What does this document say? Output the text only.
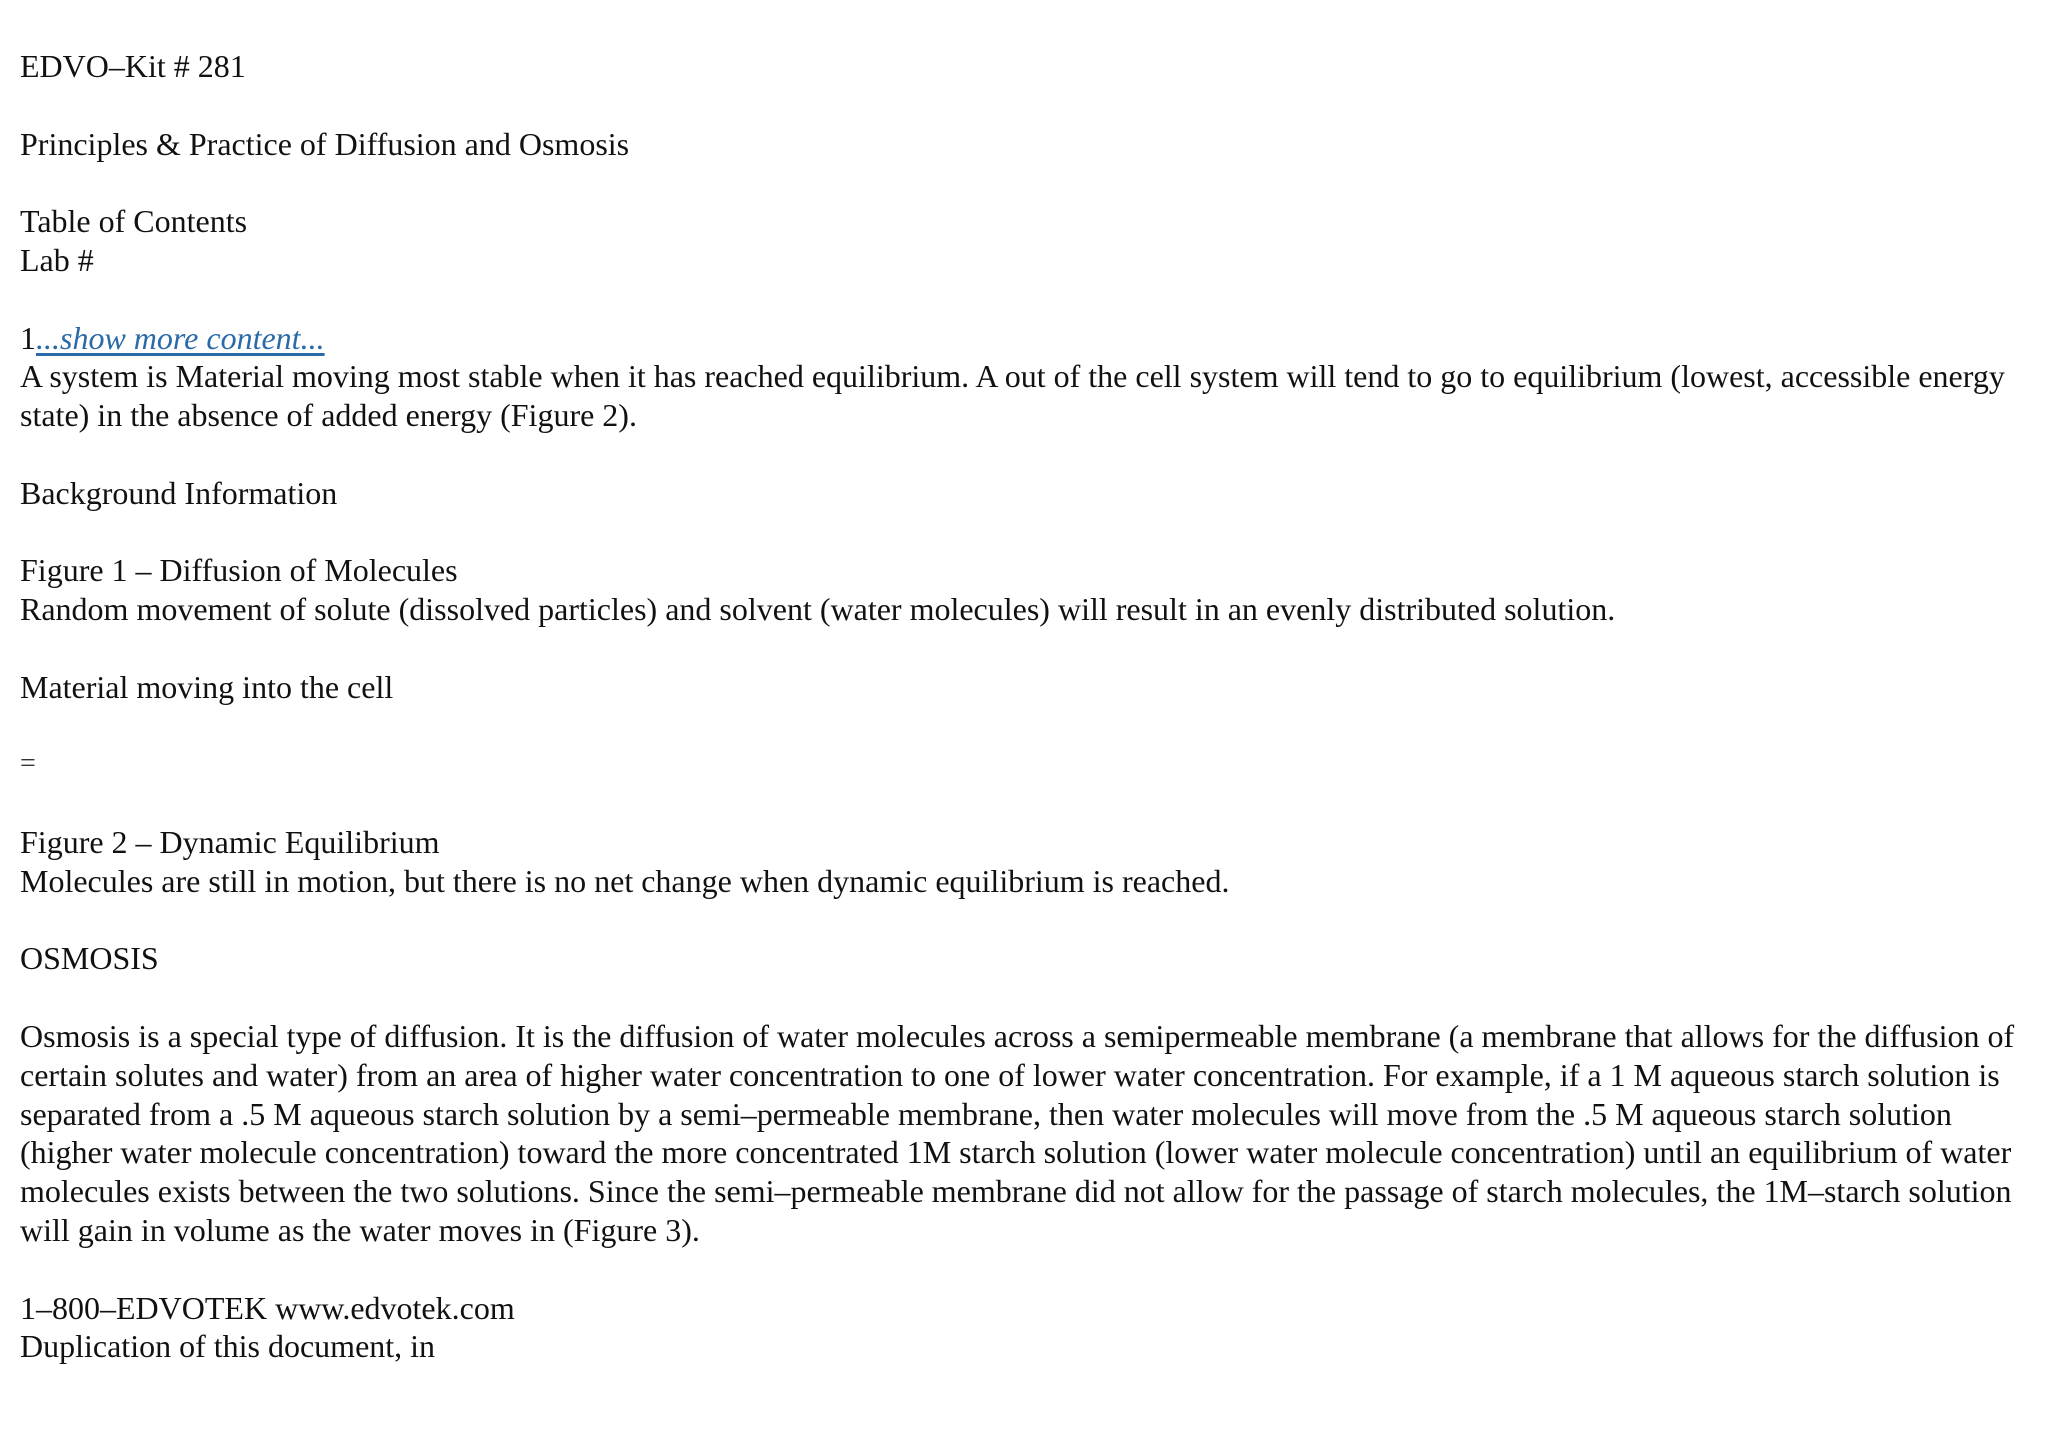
EDVO–Kit # 281
Principles & Practice of Diffusion and Osmosis
Table of Contents
Lab #
1...show more content...

A system is Material moving most stable when it has reached equilibrium. A out of the cell system will tend to go to equilibrium (lowest, accessible energy state) in the absence of added energy (Figure 2).

Background Information
Figure 1 – Diffusion of Molecules

Random movement of solute (dissolved particles) and solvent (water molecules) will result in an evenly distributed solution.

Material moving into the cell
=
Figure 2 – Dynamic Equilibrium

Molecules are still in motion, but there is no net change when dynamic equilibrium is reached.

OSMOSIS

Osmosis is a special type of diffusion. It is the diffusion of water molecules across a semipermeable membrane (a membrane that allows for the diffusion of certain solutes and water) from an area of higher water concentration to one of lower water concentration. For example, if a 1 M aqueous starch solution is separated from a .5 M aqueous starch solution by a semi–permeable membrane, then water molecules will move from the .5 M aqueous starch solution (higher water molecule concentration) toward the more concentrated 1M starch solution (lower water molecule concentration) until an equilibrium of water molecules exists between the two solutions. Since the semi–permeable membrane did not allow for the passage of starch molecules, the 1M–starch solution will gain in volume as the water moves in (Figure 3).

1–800–EDVOTEK www.edvotek.com
Duplication of this document, in
